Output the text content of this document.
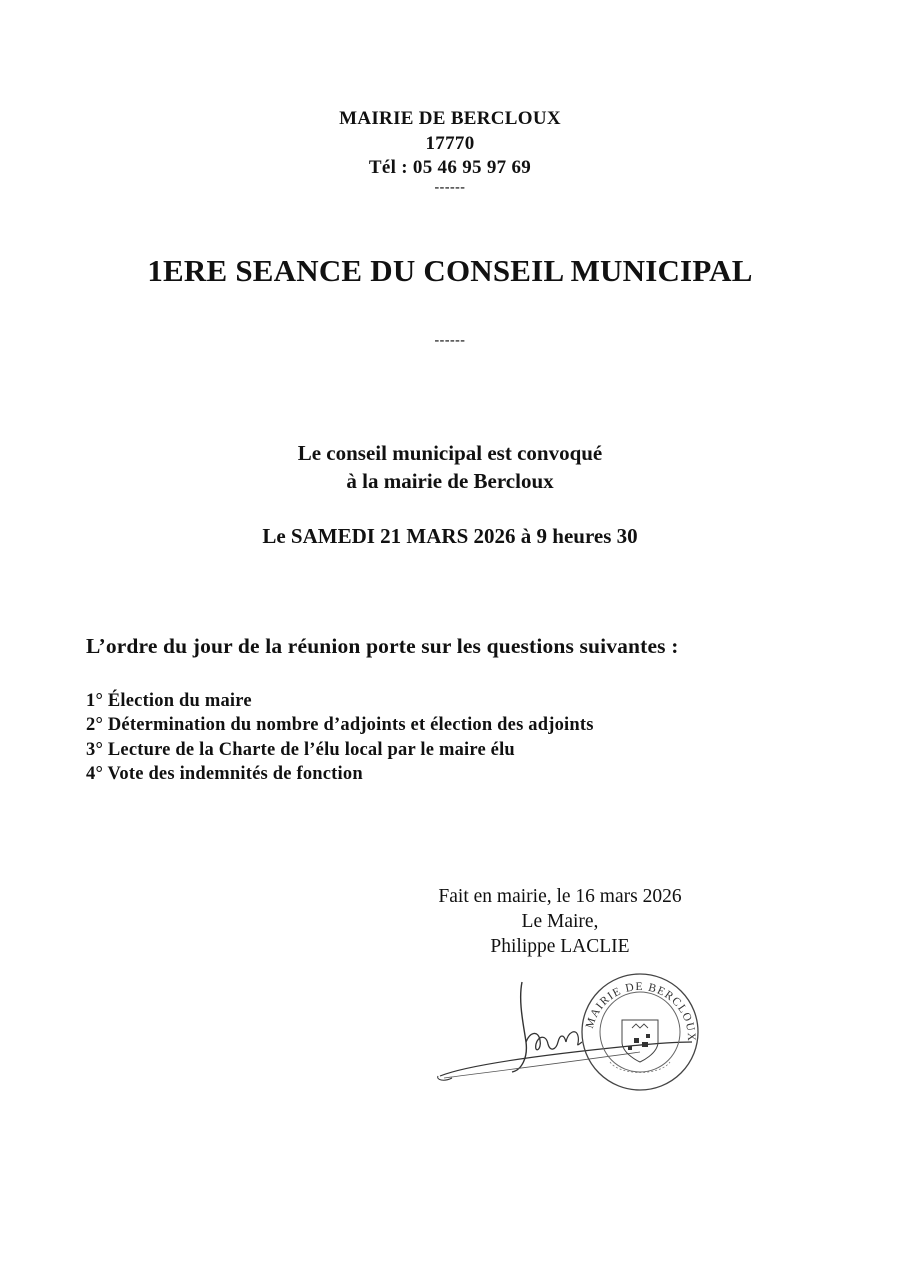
MAIRIE DE BERCLOUX
17770
Tél : 05 46 95 97 69
------
1ERE SEANCE DU CONSEIL MUNICIPAL
------
Le conseil municipal est convoqué
à la mairie de Bercloux
Le SAMEDI 21 MARS 2026 à 9 heures 30
L’ordre du jour de la réunion porte sur les questions suivantes :
1° Élection du maire
2° Détermination du nombre d’adjoints et élection des adjoints
3° Lecture de la Charte de l’élu local par le maire élu
4° Vote des indemnités de fonction
Fait en mairie, le 16 mars 2026
Le Maire,
Philippe LACLIE
MAIRIE DE BERCLOUX
